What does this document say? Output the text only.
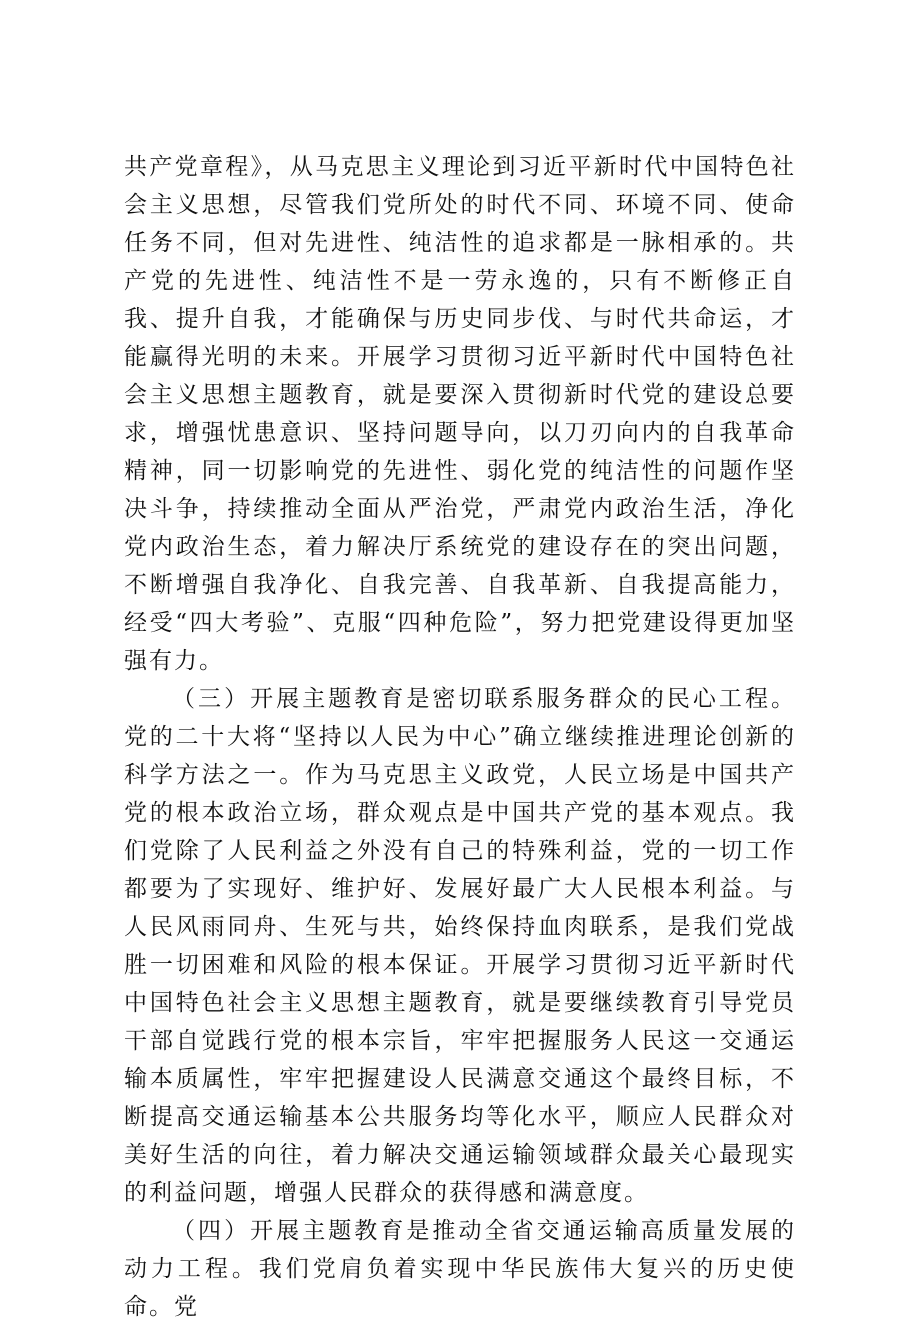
共产党章程》，从马克思主义理论到习近平新时代中国特色社会主义思想，尽管我们党所处的时代不同、环境不同、使命任务不同，但对先进性、纯洁性的追求都是一脉相承的。共产党的先进性、纯洁性不是一劳永逸的，只有不断修正自我、提升自我，才能确保与历史同步伐、与时代共命运，才能赢得光明的未来。开展学习贯彻习近平新时代中国特色社会主义思想主题教育，就是要深入贯彻新时代党的建设总要求，增强忧患意识、坚持问题导向，以刀刃向内的自我革命精神，同一切影响党的先进性、弱化党的纯洁性的问题作坚决斗争，持续推动全面从严治党，严肃党内政治生活，净化党内政治生态，着力解决厅系统党的建设存在的突出问题，不断增强自我净化、自我完善、自我革新、自我提高能力，经受“四大考验”、克服“四种危险”，努力把党建设得更加坚强有力。

（三）开展主题教育是密切联系服务群众的民心工程。党的二十大将“坚持以人民为中心”确立继续推进理论创新的科学方法之一。作为马克思主义政党，人民立场是中国共产党的根本政治立场，群众观点是中国共产党的基本观点。我们党除了人民利益之外没有自己的特殊利益，党的一切工作都要为了实现好、维护好、发展好最广大人民根本利益。与人民风雨同舟、生死与共，始终保持血肉联系，是我们党战胜一切困难和风险的根本保证。开展学习贯彻习近平新时代中国特色社会主义思想主题教育，就是要继续教育引导党员干部自觉践行党的根本宗旨，牢牢把握服务人民这一交通运输本质属性，牢牢把握建设人民满意交通这个最终目标，不断提高交通运输基本公共服务均等化水平，顺应人民群众对美好生活的向往，着力解决交通运输领域群众最关心最现实的利益问题，增强人民群众的获得感和满意度。

（四）开展主题教育是推动全省交通运输高质量发展的动力工程。我们党肩负着实现中华民族伟大复兴的历史使命。党
